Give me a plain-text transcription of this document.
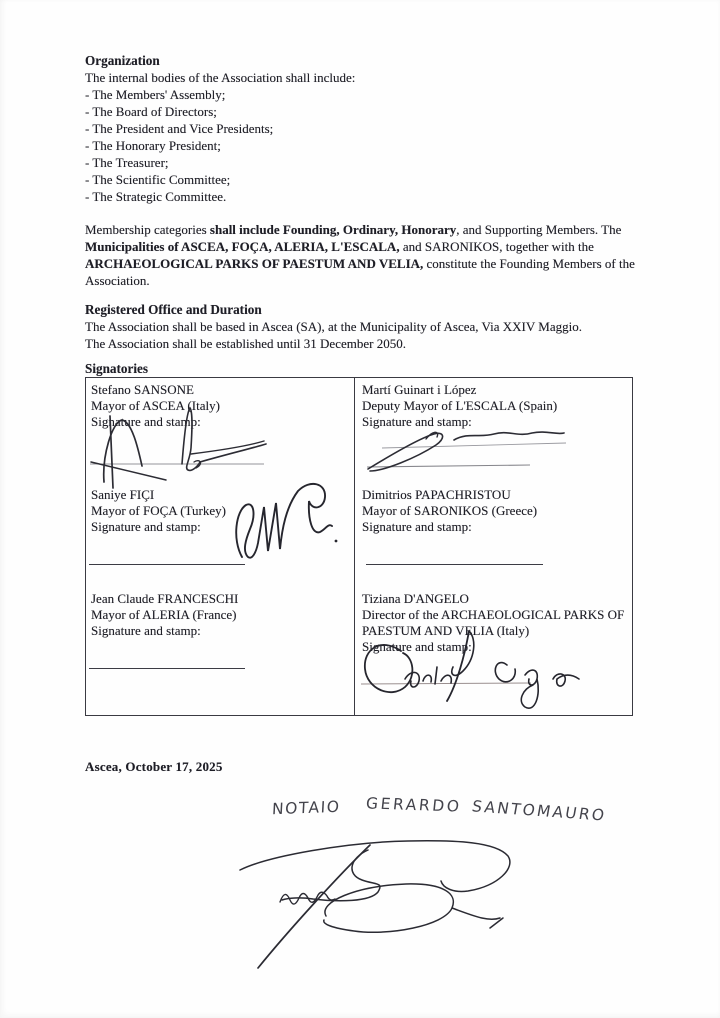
Organization
The internal bodies of the Association shall include:
- The Members' Assembly;
- The Board of Directors;
- The President and Vice Presidents;
- The Honorary President;
- The Treasurer;
- The Scientific Committee;
- The Strategic Committee.
Membership categories shall include Founding, Ordinary, Honorary, and Supporting Members. The Municipalities of ASCEA, FOÇA, ALERIA, L'ESCALA, and SARONIKOS, together with the ARCHAEOLOGICAL PARKS OF PAESTUM AND VELIA, constitute the Founding Members of the Association.
Registered Office and Duration
The Association shall be based in Ascea (SA), at the Municipality of Ascea, Via XXIV Maggio.
The Association shall be established until 31 December 2050.
Signatories
Stefano SANSONE
Mayor of ASCEA (Italy)
Signature and stamp:
Saniye FIÇI
Mayor of FOÇA (Turkey)
Signature and stamp:
Jean Claude FRANCESCHI
Mayor of ALERIA (France)
Signature and stamp:
Martí Guinart i López
Deputy Mayor of L'ESCALA (Spain)
Signature and stamp:
Dimitrios PAPACHRISTOU
Mayor of SARONIKOS (Greece)
Signature and stamp:
Tiziana D'ANGELO
Director of the ARCHAEOLOGICAL PARKS OF PAESTUM AND VELIA (Italy)
Signature and stamp:
Ascea, October 17, 2025
NOTAIO GERARDO SANTOMAURO
